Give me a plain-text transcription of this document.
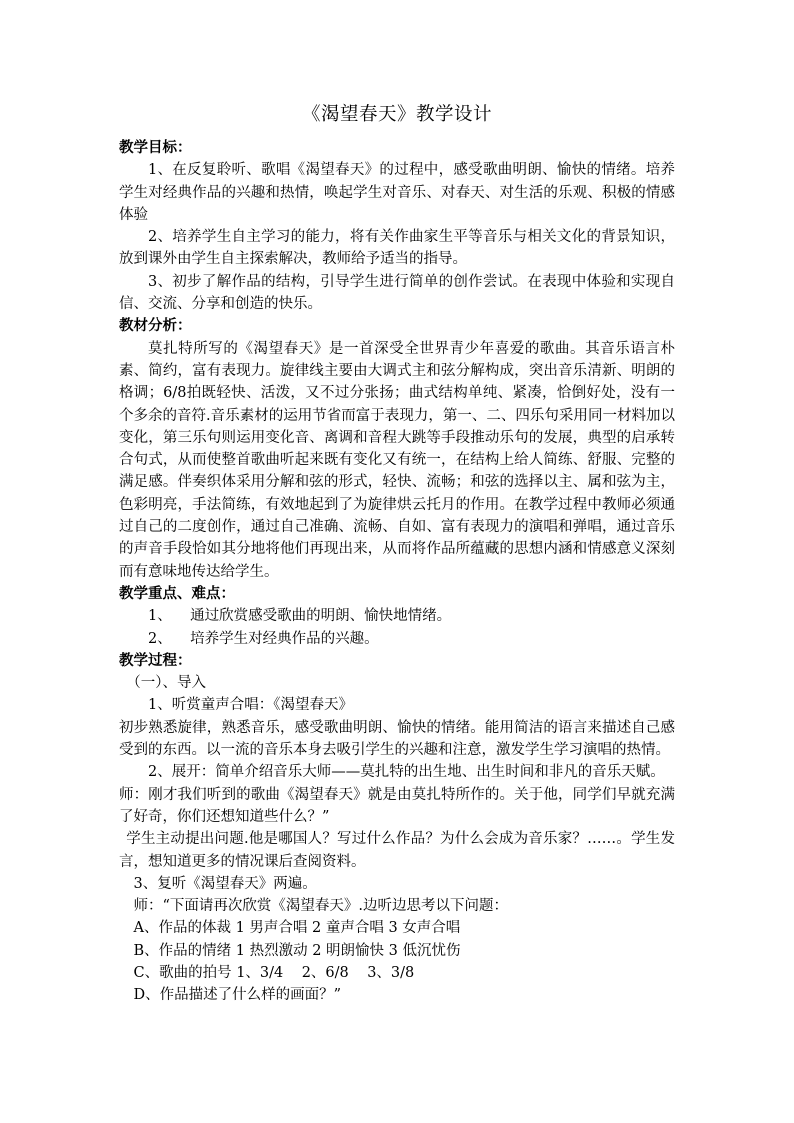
《渴望春天》教学设计

教学目标：

1、在反复聆听、歌唱《渴望春天》的过程中，感受歌曲明朗、愉快的情绪。培养学生对经典作品的兴趣和热情，唤起学生对音乐、对春天、对生活的乐观、积极的情感体验

2、培养学生自主学习的能力，将有关作曲家生平等音乐与相关文化的背景知识，放到课外由学生自主探索解决，教师给予适当的指导。

3、初步了解作品的结构，引导学生进行简单的创作尝试。在表现中体验和实现自信、交流、分享和创造的快乐。

教材分析：

莫扎特所写的《渴望春天》是一首深受全世界青少年喜爱的歌曲。其音乐语言朴素、简约，富有表现力。旋律线主要由大调式主和弦分解构成，突出音乐清新、明朗的格调；6/8拍既轻快、活泼，又不过分张扬；曲式结构单纯、紧凑，恰倒好处，没有一个多余的音符.音乐素材的运用节省而富于表现力，第一、二、四乐句采用同一材料加以变化，第三乐句则运用变化音、离调和音程大跳等手段推动乐句的发展，典型的启承转合句式，从而使整首歌曲听起来既有变化又有统一，在结构上给人简练、舒服、完整的满足感。伴奏织体采用分解和弦的形式，轻快、流畅；和弦的选择以主、属和弦为主，色彩明亮，手法简练，有效地起到了为旋律烘云托月的作用。在教学过程中教师必须通过自己的二度创作，通过自己准确、流畅、自如、富有表现力的演唱和弹唱，通过音乐的声音手段恰如其分地将他们再现出来，从而将作品所蕴藏的思想内涵和情感意义深刻而有意味地传达给学生。

教学重点、难点：

1、    通过欣赏感受歌曲的明朗、愉快地情绪。

2、    培养学生对经典作品的兴趣。

教学过程：

（一）、导入

1、听赏童声合唱：《渴望春天》

初步熟悉旋律，熟悉音乐，感受歌曲明朗、愉快的情绪。能用简洁的语言来描述自己感受到的东西。以一流的音乐本身去吸引学生的兴趣和注意，激发学生学习演唱的热情。

2、展开：简单介绍音乐大师——莫扎特的出生地、出生时间和非凡的音乐天赋。

师：刚才我们听到的歌曲《渴望春天》就是由莫扎特所作的。关于他，同学们早就充满了好奇，你们还想知道些什么？”

学生主动提出问题.他是哪国人？写过什么作品？为什么会成为音乐家？……。学生发言，想知道更多的情况课后查阅资料。

3、复听《渴望春天》两遍。

师：“下面请再次欣赏《渴望春天》.边听边思考以下问题：

A、作品的体裁 1 男声合唱 2 童声合唱 3 女声合唱

B、作品的情绪 1 热烈激动 2 明朗愉快 3 低沉忧伤

C、歌曲的拍号 1、3/4    2、6/8    3、3/8

D、作品描述了什么样的画面？”
